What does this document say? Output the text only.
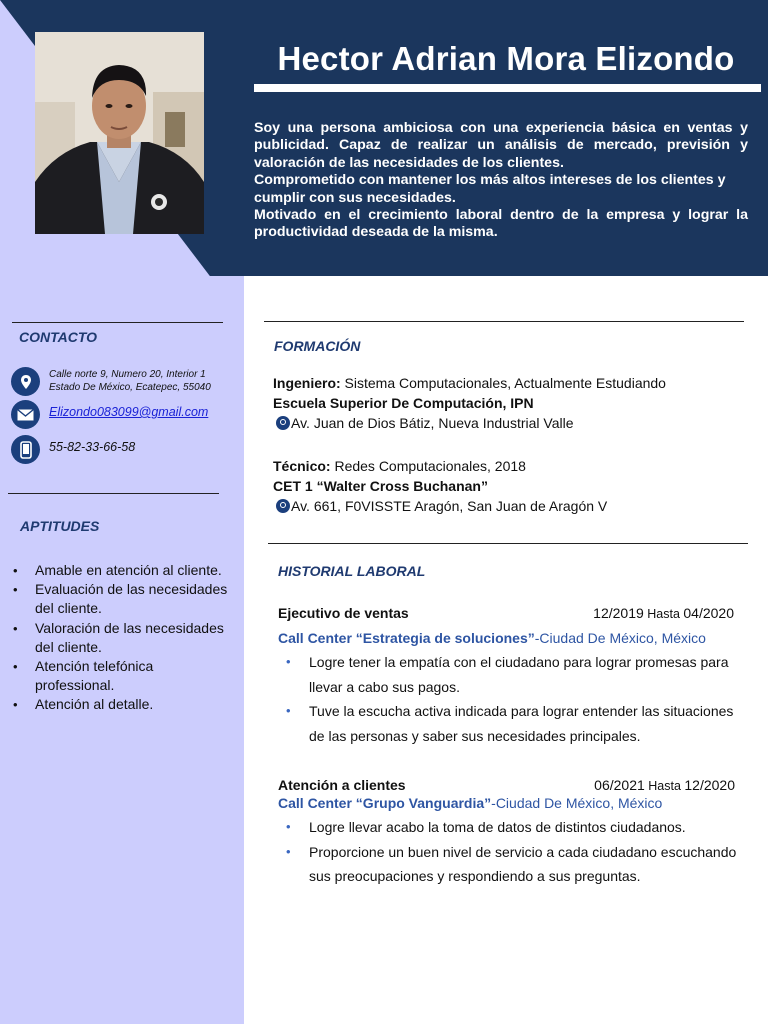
Hector Adrian Mora Elizondo

Soy una persona ambiciosa con una experiencia básica en ventas y publicidad. Capaz de realizar un análisis de mercado, previsión y valoración de las necesidades de los clientes.

Comprometido con mantener los más altos intereses de los clientes y cumplir con sus necesidades.

Motivado en el crecimiento laboral dentro de la empresa y lograr la productividad deseada de la misma.

CONTACTO
Calle norte 9, Numero 20, Interior 1
Estado De México, Ecatepec, 55040
Elizondo083099@gmail.com
55-82-33-66-58
APTITUDES
• Amable en atención al cliente.
• Evaluación de las necesidades del cliente.
• Valoración de las necesidades del cliente.
• Atención telefónica professional.
• Atención al detalle.
FORMACIÓN
Ingeniero: Sistema Computacionales, Actualmente Estudiando
Escuela Superior De Computación, IPN
Av. Juan de Dios Bátiz, Nueva Industrial Valle
Técnico: Redes Computacionales, 2018
CET 1 “Walter Cross Buchanan”
Av. 661, F0VISSTE Aragón, San Juan de Aragón V
HISTORIAL LABORAL
Ejecutivo de ventas	12/2019 Hasta 04/2020
Call Center “Estrategia de soluciones”-Ciudad De México, México
• Logre tener la empatía con el ciudadano para lograr promesas para llevar a cabo sus pagos.
• Tuve la escucha activa indicada para lograr entender las situaciones de las personas y saber sus necesidades principales.
Atención a clientes	06/2021 Hasta 12/2020
Call Center “Grupo Vanguardia”-Ciudad De México, México
• Logre llevar acabo la toma de datos de distintos ciudadanos.
• Proporcione un buen nivel de servicio a cada ciudadano escuchando sus preocupaciones y respondiendo a sus preguntas.
